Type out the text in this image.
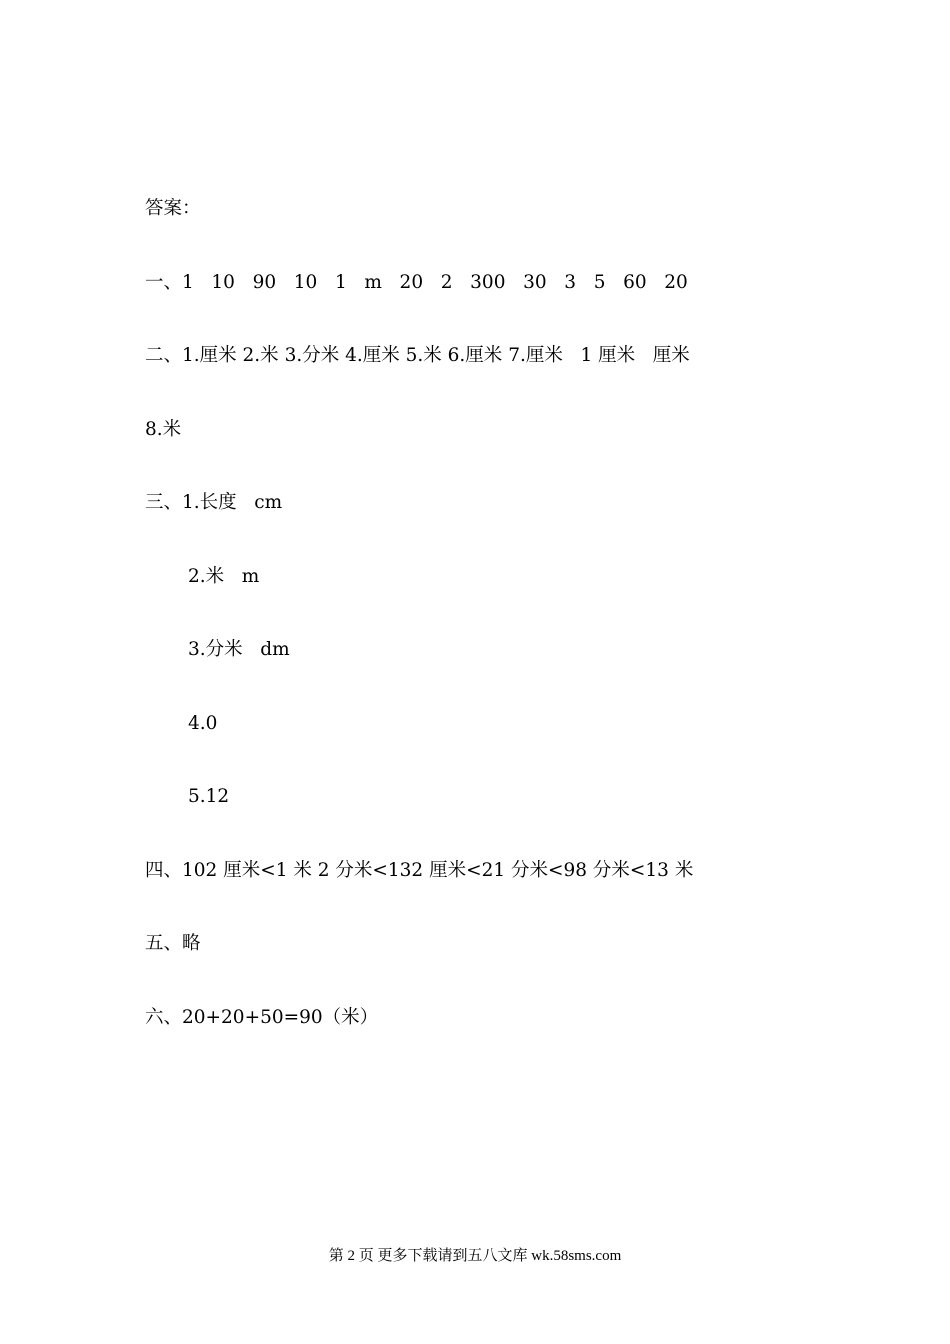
答案：

一、1   10   90   10   1   m   20   2   300   30   3   5   60   20

二、1.厘米 2.米 3.分米 4.厘米 5.米 6.厘米 7.厘米   1 厘米   厘米

8.米

三、1.长度   cm

2.米   m

3.分米   dm

4.0

5.12

四、102 厘米<1 米 2 分米<132 厘米<21 分米<98 分米<13 米

五、略

六、20+20+50=90（米）

第 2 页 更多下载请到五八文库 wk.58sms.com
